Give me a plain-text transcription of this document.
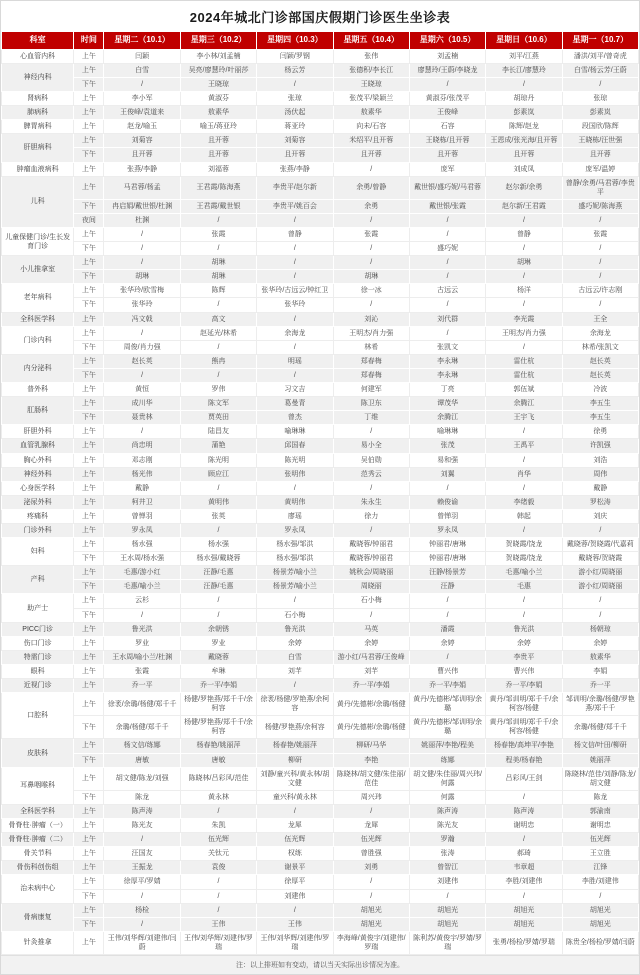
2024年城北门诊部国庆假期门诊医生坐诊表
科室	时间	星期二（10.1）	星期三（10.2）	星期四（10.3）	星期五（10.4）	星期六（10.5）	星期日（10.6）	星期一（10.7）
心血管内科	上午	闫颖	李小林/刘孟楠	闫颖/罗钢	张伟	刘孟楠	刘平/江燕	潘洪/刘平/曾奇虎
神经内科	上午	白雪	吴亮/廖慧玲/叶丽莎	杨云芳	张德积/李长江	廖慧玲/王蔚/李晓龙	李长江/廖慧玲	白雪/杨云芳/王蔚
	下午	/	王晓琼	/	王晓琼	/	/	/
肾病科	上午	李小军	黄淑芬	张琼	张茂平/梁颖兰	黄淑芬/张茂平	胡琼丹	张琼
肺病科	上午	王俊峰/袁道来	敖素华	汤伏起	敖素华	王俊峰	彭素岚	彭素岚
脾胃病科	上午	赵龙/喻玉	喻玉/蒋亚玲	蒋亚玲	向未/石容	石容	陈辉/赵龙	段国欣/陈辉
肝胆病科	上午	刘菊容	且开蓉	刘菊容	米绍平/且开蓉	王晓栋/且开蓉	王恩成/张光海/且开蓉	王晓栋/汪世强
	下午	且开蓉	且开蓉	且开蓉	且开蓉	且开蓉	且开蓉	且开蓉
肿瘤血液病科	上午	张燕/李静	刘福蓉	张燕/李静	/	庞军	刘成凤	庞军/温婷
儿科	上午	马君蓉/杨孟	王君霞/陈海燕	李贵平/赵尔新	余勇/曾静	戴世银/盛巧妮/马君蓉	赵尔新/余勇	曾静/余勇/马君蓉/李贵平
	下午	冉启娟/戴世银/杜渊	王君霞/戴世银	李贵平/姚百会	余勇	戴世银/张霞	赵尔新/王君霞	盛巧妮/陈海燕
	夜间	杜渊	/	/	/	/	/	/
儿童保健门诊/生长发育门诊	上午	/	张霞	曾静	张霞	/	曾静	张霞
	下午	/	/	/	/	盛巧妮	/	/
小儿推拿室	上午	/	胡琳	/	/	/	胡琳	/
	下午	胡琳	胡琳	/	胡琳	/	/	/
老年病科	上午	张华玲/欧雪梅	陈辉	张华玲/古远云/钟红卫	徐一冰	古远云	杨洋	古远云/许志刚
	下午	张华玲	/	张华玲	/	/	/	/
全科医学科	上午	冯文戟	高文	/	刘沁	刘代群	李光霞	王全
门诊内科	上午	/	赵延光/林希	余海龙	王明杰/肖力强	/	王明杰/肖力强	余海龙
	下午	周俊/肖力强	/	/	林希	张凯文	/	林希/张凯文
内分泌科	上午	赵长英	熊冉	明瑶	郑春梅	李永琳	雷仕杭	赵长英
	下午	/	/	/	郑春梅	李永琳	雷仕杭	赵长英
普外科	上午	黄恒	罗伟	习文吉	何建军	丁亮	郭伍斌	冷波
肛肠科	上午	成川华	陈文军	葛曼青	陈卫东	谭茂华	余腾江	李五生
	下午	聂贵林	贾英田	曾杰	丁维	余腾江	王宇飞	李五生
肝胆外科	上午	/	陆昌友	喻琳琳	/	喻琳琳	/	徐勇
血管乳腺科	上午	尚忠明	蒲艳	邱国春	易小全	张茂	王禹平	许凯强
胸心外科	上午	邓志刚	陈光明	陈光明	吴伯勋	易和强	/	刘浩
神经外科	上午	杨光伟	顾应江	张明伟	范秀云	刘翼	肖华	周伟
心身医学科	上午	戴静	/	/	/	/	/	戴静
泌尿外科	上午	柯井卫	黄明伟	黄明伟	朱永生	赖俊谕	李绪毅	罗松涛
疼痛科	上午	曾惮羽	张英	廖瑶	徐力	曾惮羽	韩起	刘庆
门诊外科	上午	罗永凤	/	罗永凤	/	罗永凤	/	/
妇科	上午	杨水强	杨水强	杨水强/邹洪	戴晓蓉/钟丽君	钟丽君/唐琳	贺晓霞/饶龙	戴晓蓉/贺晓霞/代嘉莉
	下午	王水周/杨水强	杨水强/戴晓蓉	杨水强/邹洪	戴晓蓉/钟丽君	钟丽君/唐琳	贺晓霞/饶龙	戴晓蓉/贺晓霞
产科	上午	毛惠/游小红	汪静/毛惠	杨景芳/喻小兰	姚秋会/周晓丽	汪静/杨景芳	毛惠/喻小兰	游小红/周晓丽
	下午	毛惠/喻小兰	汪静/毛惠	杨景芳/喻小兰	周晓丽	汪静	毛惠	游小红/周晓丽
助产士	上午	云杉	/	/	石小梅	/	/	/
	下午	/	/	石小梅	/	/	/	/
PICC门诊	上午	鲁光洪	余朝锈	鲁光洪	马英	潘霞	鲁光洪	杨朝琼
伤口门诊	上午	罗业	罗业	余婷	余婷	余婷	余婷	余婷
特需门诊	上午	王水周/喻小兰/杜渊	戴晓蓉	白雪	游小红/马君蓉/王俊峰	/	李贵平	敖素华
眼科	上午	张霞	牟琳	刘芊	刘芊	曹兴伟	曹兴伟	李娟
近视门诊	上午	乔一平	乔一平/李娟	/	乔一平/李娟	乔一平/李娟	乔一平/李娟	乔一平
口腔科	上午	徐袤/余璐/杨健/郑千千	杨健/罗艳燕/郑千千/余柯容	徐袤/杨健/罗艳燕/余柯容	黄丹/先德彬/余璐/杨健	黄丹/先德彬/邹训明/余璐	黄丹/邹训明/郑千千/余柯容/杨健	邹训明/余璐/杨健/罗艳燕/郑千千
	下午	余璐/杨健/郑千千	杨健/罗艳燕/郑千千/余柯容	杨健/罗艳燕/余柯容	黄丹/先德彬/余璐/杨健	黄丹/先德彬/邹训明/余璐	黄丹/邹训明/郑千千/余柯容/杨健	余璐/杨健/郑千千
皮肤科	上午	杨文信/练娜	杨春艳/姚丽萍	杨春艳/姚丽萍	柳研/马华	姚丽萍/李艳/程美	杨春艳/高坤平/李艳	杨文信/叶田/柳研
	下午	唐敏	唐敏	柳研	李艳	练娜	程美/杨春艳	姚丽萍
耳鼻咽喉科	上午	胡文健/陈龙/刘强	陈晓林/吕彩风/范佳	刘静/童兴科/黄永林/胡文健	陈晓林/胡文健/朱佳丽/范佳	胡文健/朱佳丽/周兴玮/何露	吕彩风/王剑	陈晓林/范佳/刘静/陈龙/胡文健
	下午	陈龙	黄永林	童兴科/黄永林	周兴玮	何露	/	陈龙
全科医学科	上午	陈声涛	/	/	/	陈声涛	陈声涛	郭渝南
骨脊柱·肿瘤（一）	上午	陈光友	朱凯	龙犀	龙犀	陈光友	谢明忠	谢明忠
骨脊柱·肿瘤（二）	上午	/	伍光辉	伍光辉	伍光辉	罗瀚	/	伍光辉
骨关节科	上午	汪国友	关钛元	权练	曾胜强	张涛	郝琦	王立胜
骨伤科创伤组	上午	王振龙	袁俊	谢景平	刘勇	曾智江	韦章超	江锋
治未病中心	上午	徐厚平/罗婧	/	徐厚平	/	刘建伟	李胜/刘建伟	李胜/刘建伟
	下午	/	/	刘建伟	/	/	/	/
骨病康复	上午	杨检	/	/	胡旭光	胡旭光	胡旭光	胡旭光
	下午	/	王伟	王伟	胡旭光	胡旭光	胡旭光	胡旭光
针灸推拿	上午	王伟/刘华辉/刘建伟/闫蔚	王伟/刘华辉/刘建伟/罗瑞	王伟/刘华辉/刘建伟/罗瑞	李海峰/黄俊宇/刘建伟/罗瑞	陈利苏/黄俊宇/罗婧/罗瑞	张勇/杨检/罗婧/罗瑞	陈贵全/杨检/罗婧/闫蔚
注：以上排班如有变动，请以当天实际出诊情况为准。
